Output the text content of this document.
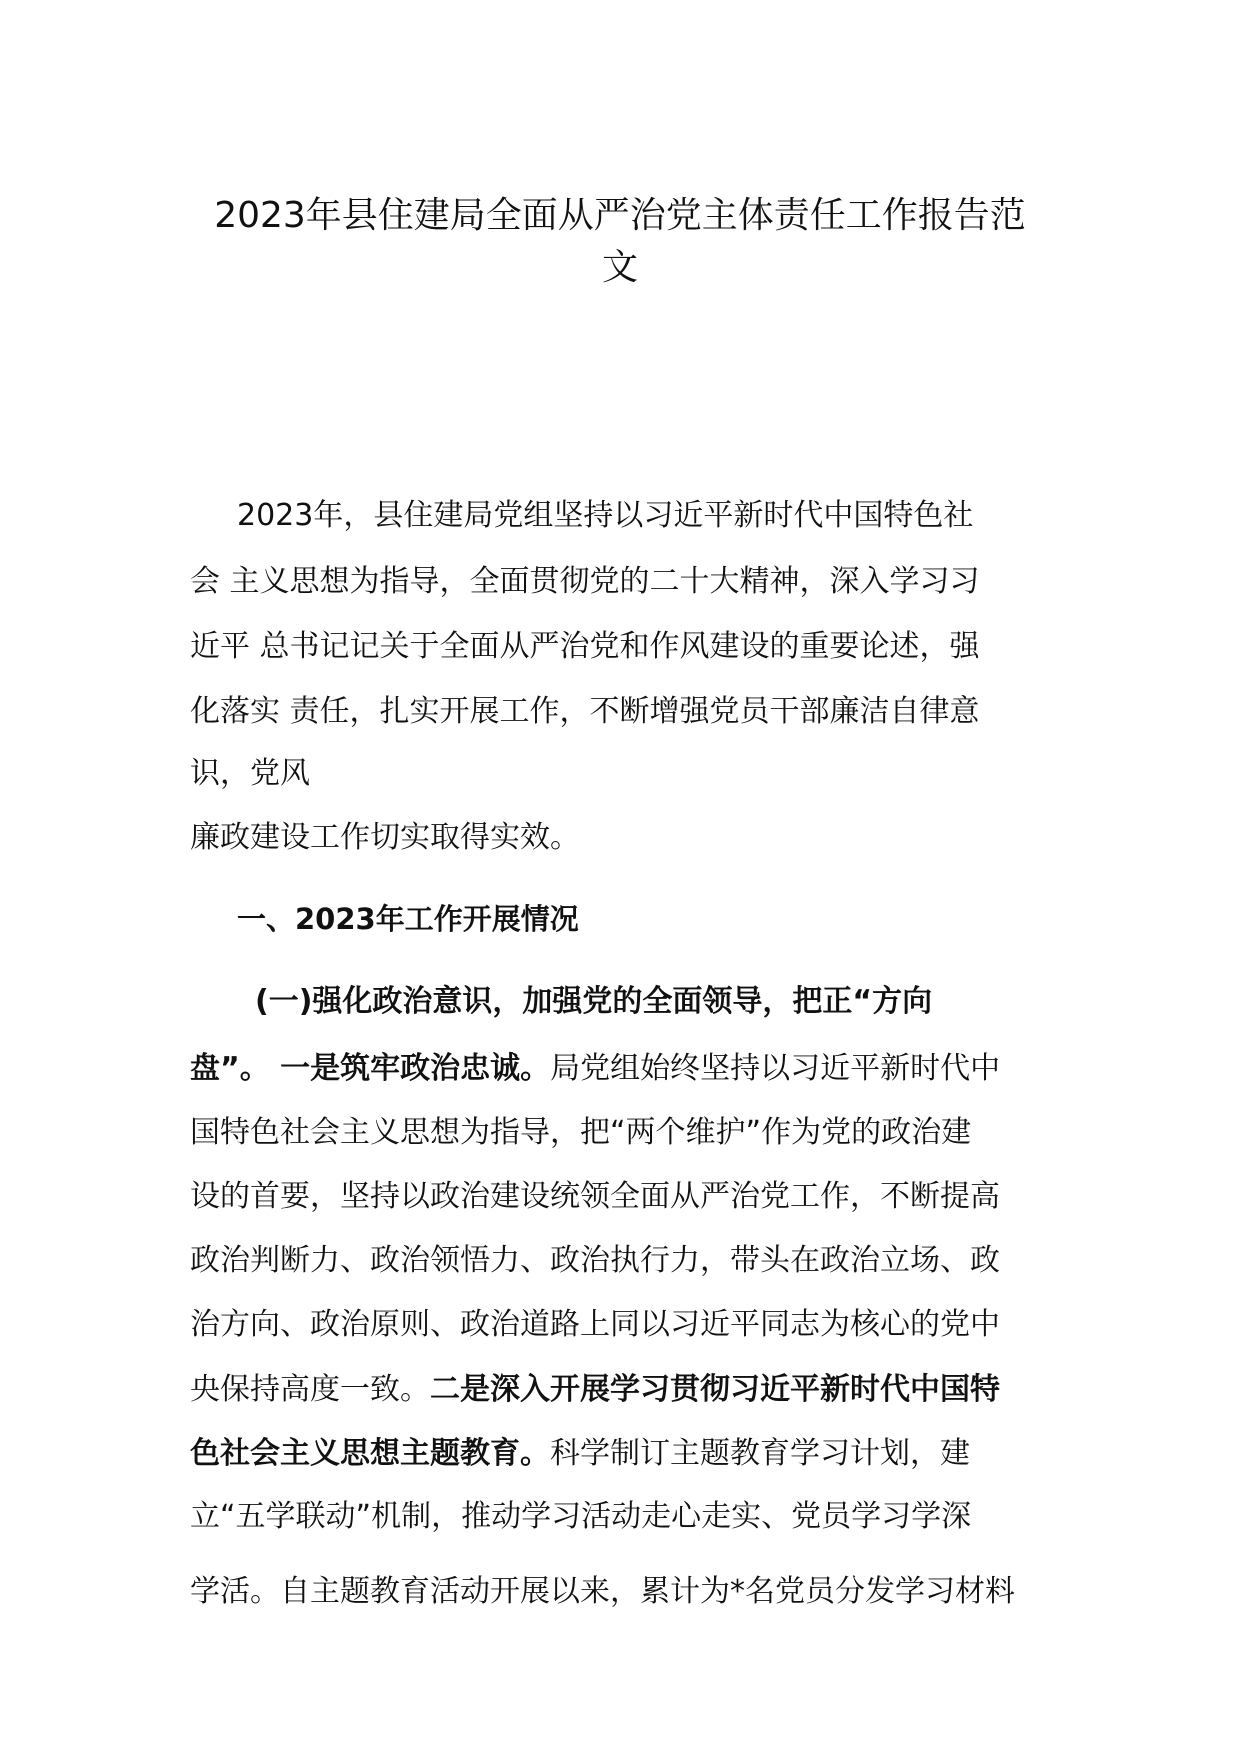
2023年县住建局全面从严治党主体责任工作报告范
文
2023年，县住建局党组坚持以习近平新时代中国特色社
会 主义思想为指导，全面贯彻党的二十大精神，深入学习习
近平 总书记记关于全面从严治党和作风建设的重要论述，强
化落实 责任，扎实开展工作，不断增强党员干部廉洁自律意
识，党风
廉政建设工作切实取得实效。
一、2023年工作开展情况
(一)强化政治意识，加强党的全面领导，把正“方向
盘”。 一是筑牢政治忠诚。局党组始终坚持以习近平新时代中
国特色社会主义思想为指导，把“两个维护”作为党的政治建
设的首要，坚持以政治建设统领全面从严治党工作，不断提高
政治判断力、政治领悟力、政治执行力，带头在政治立场、政
治方向、政治原则、政治道路上同以习近平同志为核心的党中
央保持高度一致。二是深入开展学习贯彻习近平新时代中国特
色社会主义思想主题教育。科学制订主题教育学习计划，建
立“五学联动”机制，推动学习活动走心走实、党员学习学深
学活。自主题教育活动开展以来，累计为*名党员分发学习材料
